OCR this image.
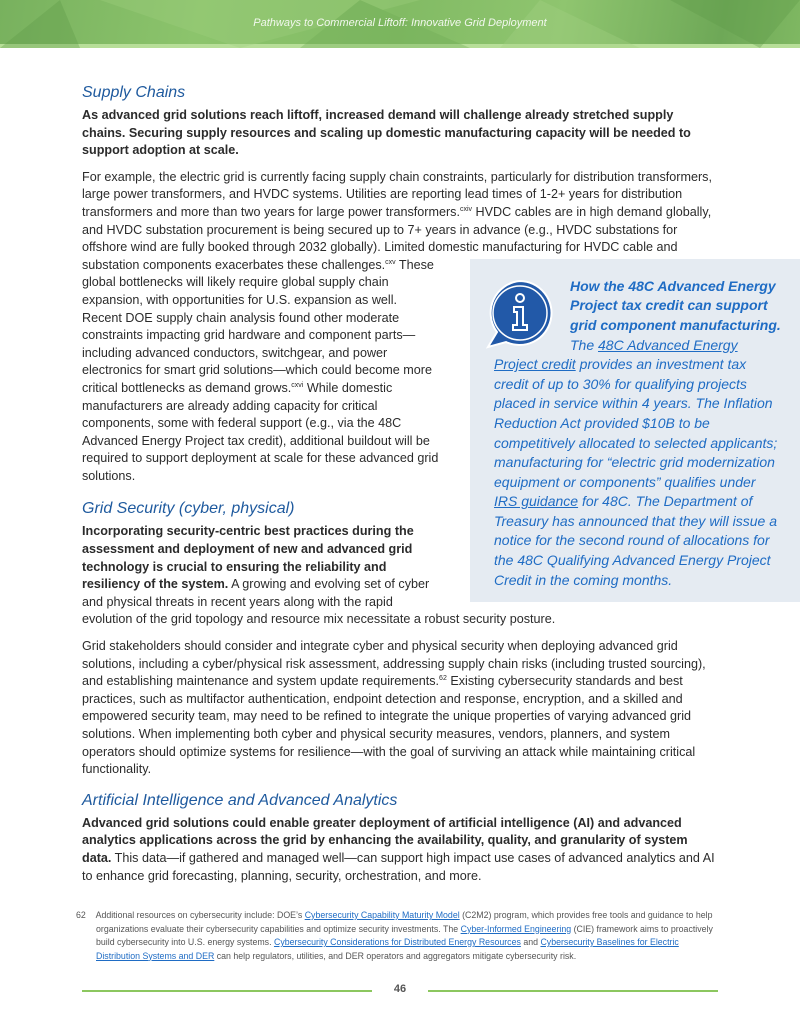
Pathways to Commercial Liftoff: Innovative Grid Deployment
Supply Chains

As advanced grid solutions reach liftoff, increased demand will challenge already stretched supply chains. Securing supply resources and scaling up domestic manufacturing capacity will be needed to support adoption at scale.

For example, the electric grid is currently facing supply chain constraints, particularly for distribution transformers, large power transformers, and HVDC systems. Utilities are reporting lead times of 1-2+ years for distribution transformers and more than two years for large power transformers.$^{cxiv}$ HVDC cables are in high demand globally, and HVDC substation procurement is being secured up to 7+ years in advance (e.g., HVDC substations for offshore wind are fully booked through 2032 globally). Limited domestic manufacturing for HVDC cable and substation components exacerbates these challenges.$^{cxv}$
How the 48C Advanced Energy Project tax credit can support grid component manufacturing.
The 48C Advanced Energy Project credit provides an investment tax credit of up to 30% for qualifying projects placed in service within 4 years. The Inflation Reduction Act provided $10B to be competitively allocated to selected applicants; manufacturing for “electric grid modernization equipment or components” qualifies under IRS guidance for 48C. The Department of Treasury has announced that they will issue a notice for the second round of allocations for the 48C Qualifying Advanced Energy Project Credit in the coming months.
These global bottlenecks will likely require global supply chain expansion, with opportunities for U.S. expansion as well. Recent DOE supply chain analysis found other moderate constraints impacting grid hardware and component parts—including advanced conductors, switchgear, and power electronics for smart grid solutions—which could become more critical bottlenecks as demand grows.$^{cxvi}$ While domestic manufacturers are already adding capacity for critical components, some with federal support (e.g., via the 48C Advanced Energy Project tax credit), additional buildout will be required to support deployment at scale for these advanced grid solutions.

Grid Security (cyber, physical)

Incorporating security-centric best practices during the assessment and deployment of new and advanced grid technology is crucial to ensuring the reliability and resiliency of the system. A growing and evolving set of cyber and physical threats in recent years along with the rapid evolution of the grid topology and resource mix necessitate a robust security posture.

Grid stakeholders should consider and integrate cyber and physical security when deploying advanced grid solutions, including a cyber/physical risk assessment, addressing supply chain risks (including trusted sourcing), and establishing maintenance and system update requirements.$^{62}$ Existing cybersecurity standards and best practices, such as multifactor authentication, endpoint detection and response, encryption, and a skilled and empowered security team, may need to be refined to integrate the unique properties of varying advanced grid solutions. When implementing both cyber and physical security measures, vendors, planners, and system operators should optimize systems for resilience—with the goal of surviving an attack while maintaining critical functionality.

Artificial Intelligence and Advanced Analytics

Advanced grid solutions could enable greater deployment of artificial intelligence (AI) and advanced analytics applications across the grid by enhancing the availability, quality, and granularity of system data. This data—if gathered and managed well—can support high impact use cases of advanced analytics and AI to enhance grid forecasting, planning, security, orchestration, and more.

62 Additional resources on cybersecurity include: DOE’s Cybersecurity Capability Maturity Model (C2M2) program, which provides free tools and guidance to help organizations evaluate their cybersecurity capabilities and optimize security investments. The Cyber-Informed Engineering (CIE) framework aims to proactively build cybersecurity into U.S. energy systems. Cybersecurity Considerations for Distributed Energy Resources and Cybersecurity Baselines for Electric Distribution Systems and DER can help regulators, utilities, and DER operators and aggregators mitigate cybersecurity risk.
46
